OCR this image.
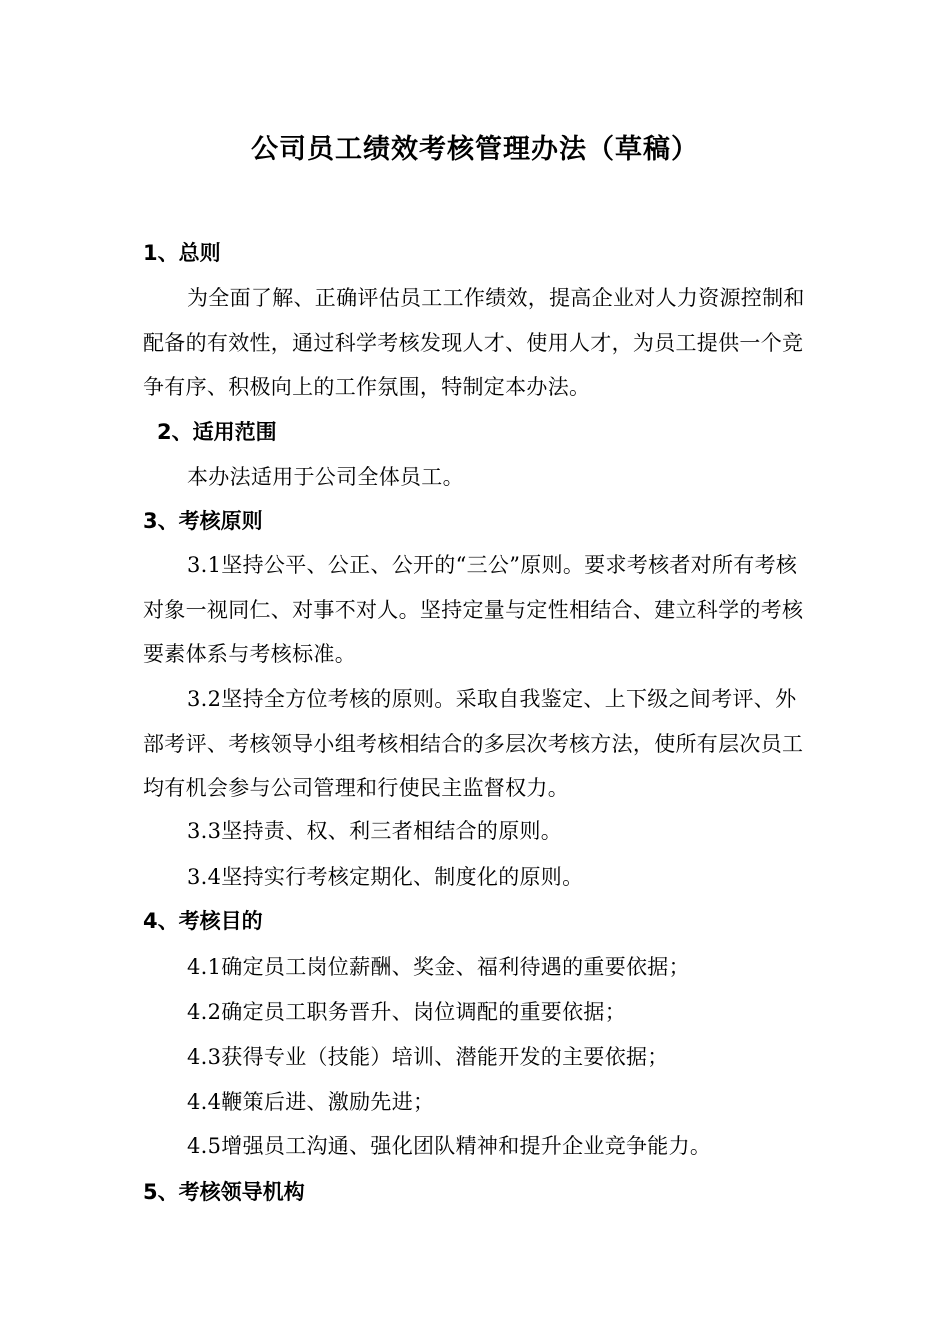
公司员工绩效考核管理办法（草稿）
1、总则
为全面了解、正确评估员工工作绩效，提高企业对人力资源控制和配备的有效性，通过科学考核发现人才、使用人才，为员工提供一个竞争有序、积极向上的工作氛围，特制定本办法。
2、适用范围
本办法适用于公司全体员工。
3、考核原则
3.1坚持公平、公正、公开的“三公”原则。要求考核者对所有考核对象一视同仁、对事不对人。坚持定量与定性相结合、建立科学的考核要素体系与考核标准。
3.2坚持全方位考核的原则。采取自我鉴定、上下级之间考评、外部考评、考核领导小组考核相结合的多层次考核方法，使所有层次员工均有机会参与公司管理和行使民主监督权力。
3.3坚持责、权、利三者相结合的原则。
3.4坚持实行考核定期化、制度化的原则。
4、考核目的
4.1确定员工岗位薪酬、奖金、福利待遇的重要依据；
4.2确定员工职务晋升、岗位调配的重要依据；
4.3获得专业（技能）培训、潜能开发的主要依据；
4.4鞭策后进、激励先进；
4.5增强员工沟通、强化团队精神和提升企业竞争能力。
5、考核领导机构
